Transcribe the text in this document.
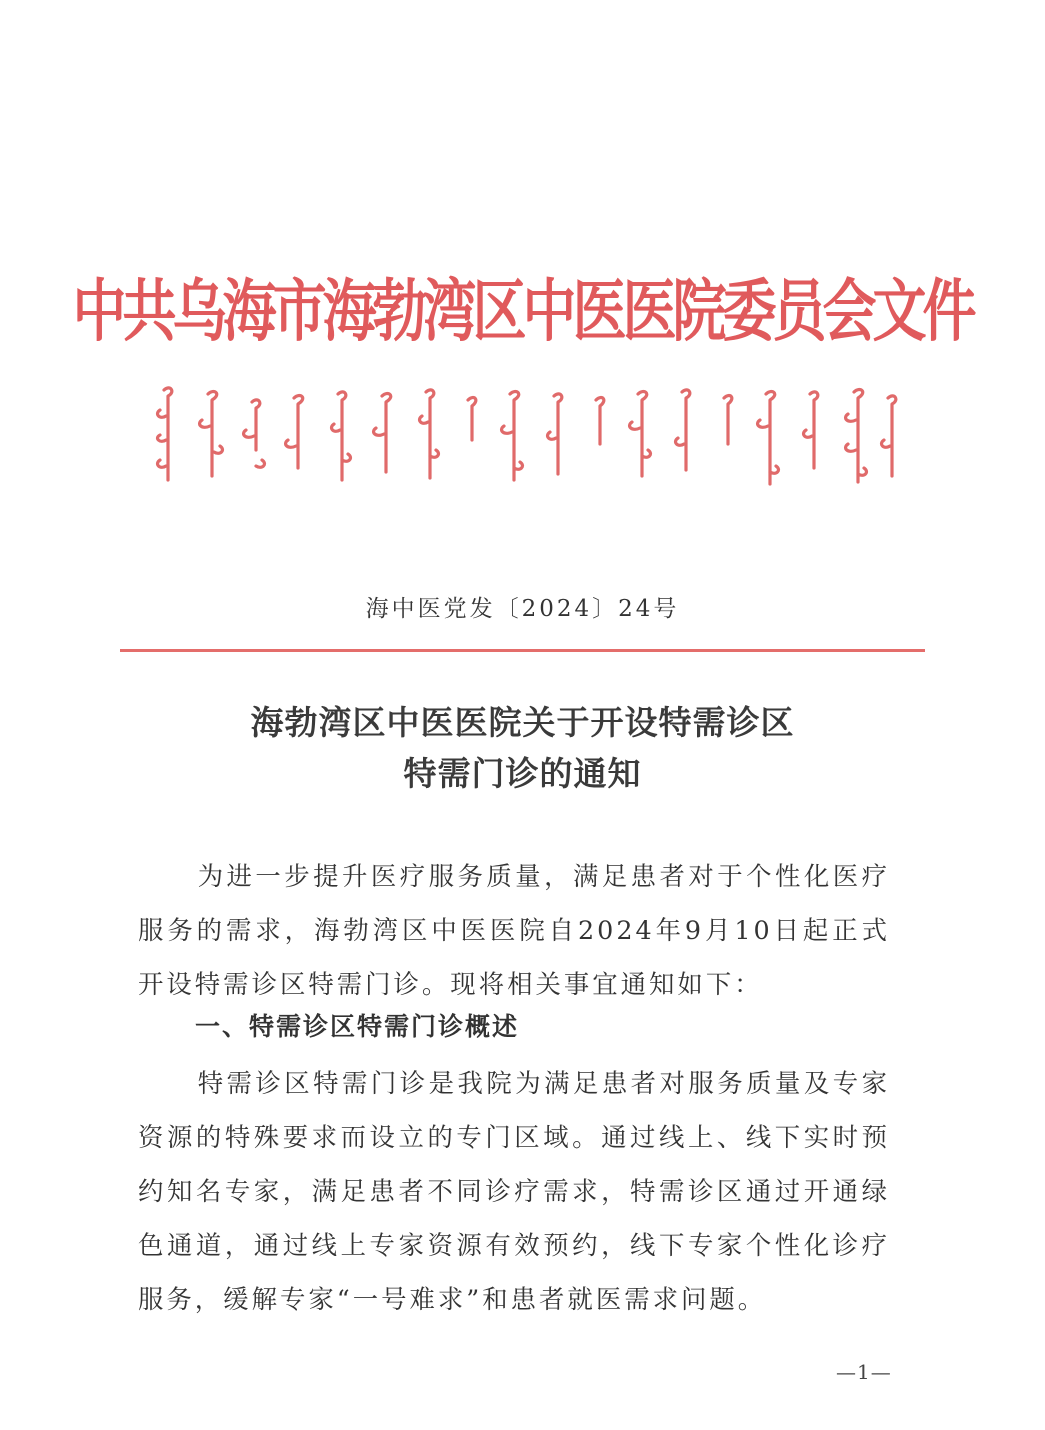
中共乌海市海勃湾区中医医院委员会文件
海中医党发〔2024〕24号
海勃湾区中医医院关于开设特需诊区
特需门诊的通知

为进一步提升医疗服务质量，满足患者对于个性化医疗服务的需求，海勃湾区中医医院自2024年9月10日起正式开设特需诊区特需门诊。现将相关事宜通知如下：

一、特需诊区特需门诊概述

特需诊区特需门诊是我院为满足患者对服务质量及专家资源的特殊要求而设立的专门区域。通过线上、线下实时预约知名专家，满足患者不同诊疗需求，特需诊区通过开通绿色通道，通过线上专家资源有效预约，线下专家个性化诊疗服务，缓解专家“一号难求”和患者就医需求问题。

—1—
